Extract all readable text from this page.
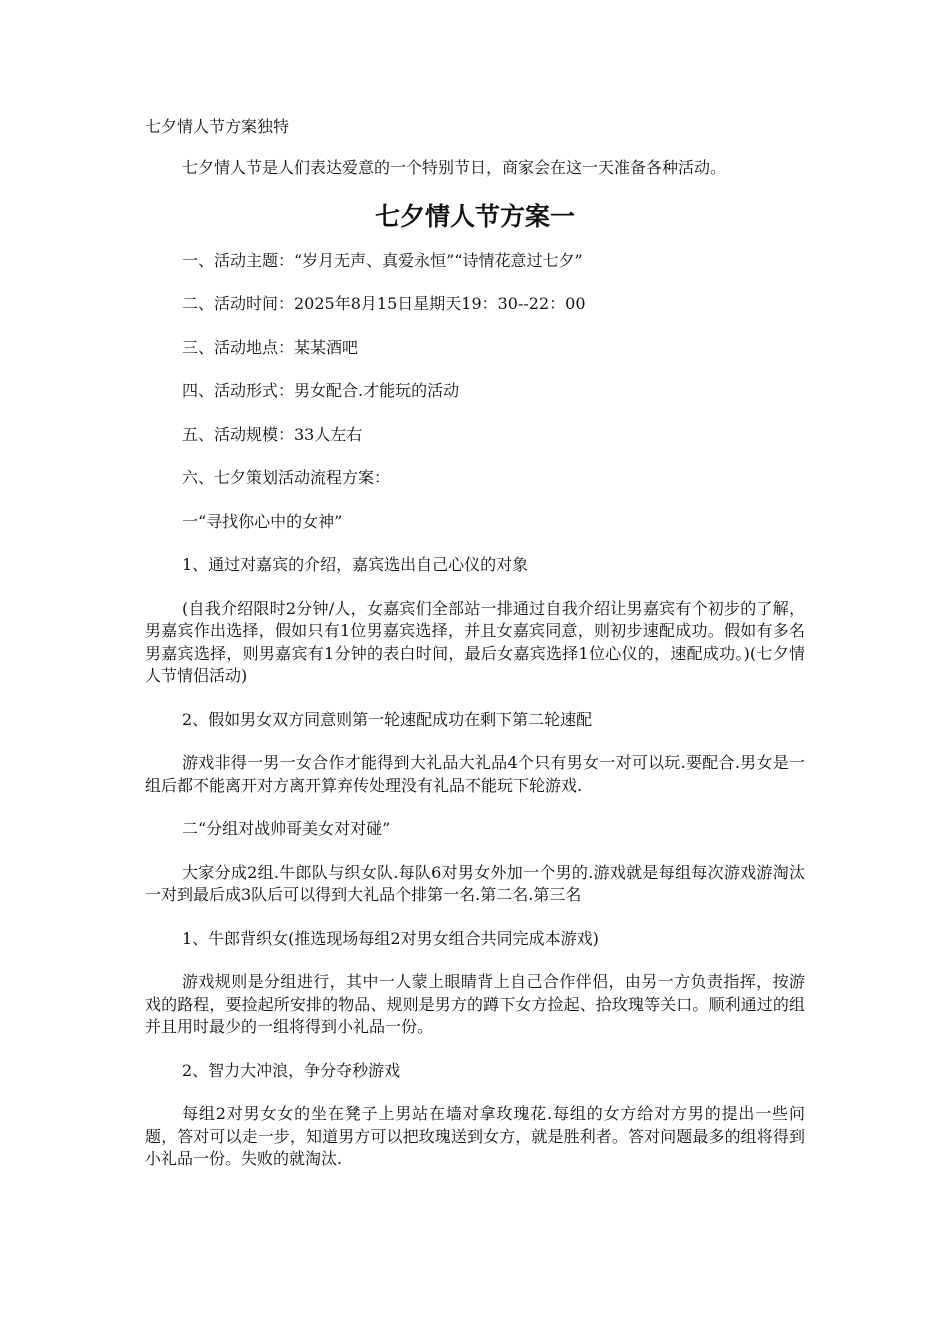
七夕情人节方案独特

七夕情人节是人们表达爱意的一个特别节日，商家会在这一天准备各种活动。

七夕情人节方案一

一、活动主题：“岁月无声、真爱永恒”“诗情花意过七夕”

二、活动时间：2025年8月15日星期天19：30--22：00

三、活动地点：某某酒吧

四、活动形式：男女配合.才能玩的活动

五、活动规模：33人左右

六、七夕策划活动流程方案：

一“寻找你心中的女神”

1、通过对嘉宾的介绍，嘉宾选出自己心仪的对象

(自我介绍限时2分钟/人，女嘉宾们全部站一排通过自我介绍让男嘉宾有个初步的了解，男嘉宾作出选择，假如只有1位男嘉宾选择，并且女嘉宾同意，则初步速配成功。假如有多名男嘉宾选择，则男嘉宾有1分钟的表白时间，最后女嘉宾选择1位心仪的，速配成功。)(七夕情人节情侣活动)

2、假如男女双方同意则第一轮速配成功在剩下第二轮速配

游戏非得一男一女合作才能得到大礼品大礼品4个只有男女一对可以玩.要配合.男女是一组后都不能离开对方离开算弃传处理没有礼品不能玩下轮游戏.

二“分组对战帅哥美女对对碰”

大家分成2组.牛郎队与织女队.每队6对男女外加一个男的.游戏就是每组每次游戏游淘汰一对到最后成3队后可以得到大礼品个排第一名.第二名.第三名

1、牛郎背织女(推选现场每组2对男女组合共同完成本游戏)

游戏规则是分组进行，其中一人蒙上眼睛背上自己合作伴侣，由另一方负责指挥，按游戏的路程，要捡起所安排的物品、规则是男方的蹲下女方捡起、拾玫瑰等关口。顺利通过的组并且用时最少的一组将得到小礼品一份。

2、智力大冲浪，争分夺秒游戏

每组2对男女女的坐在凳子上男站在墙对拿玫瑰花.每组的女方给对方男的提出一些问题，答对可以走一步，知道男方可以把玫瑰送到女方，就是胜利者。答对问题最多的组将得到小礼品一份。失败的就淘汰.
